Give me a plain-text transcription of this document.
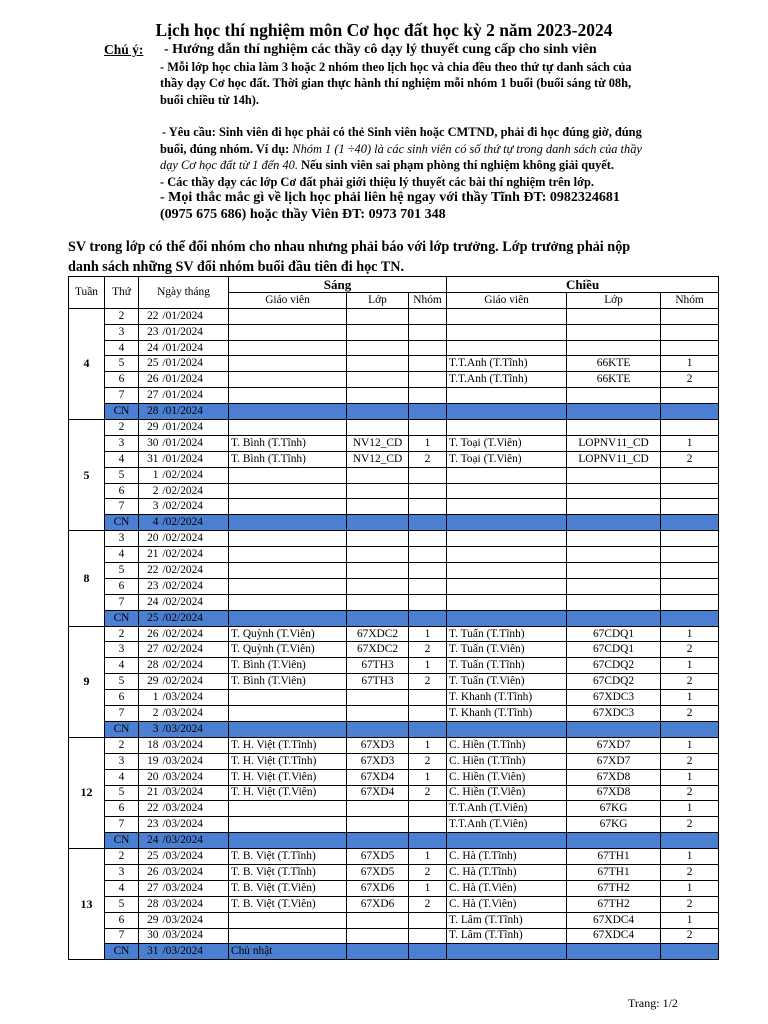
Lịch học thí nghiệm môn Cơ học đất học kỳ 2 năm 2023-2024
- Hướng dẫn thí nghiệm các thầy cô dạy lý thuyết cung cấp cho sinh viên
- Mỗi lớp học chia làm 3 hoặc 2 nhóm theo lịch học và chia đều theo thứ tự danh sách của
thầy dạy Cơ học đất. Thời gian thực hành thí nghiệm mỗi nhóm 1 buổi (buổi sáng từ 08h,
buổi chiều từ 14h).
- Yêu cầu: Sinh viên đi học phải có thẻ Sinh viên hoặc CMTND, phải đi học đúng giờ, đúng
buổi, đúng nhóm. Ví dụ: Nhóm 1 (1 ÷40) là các sinh viên có số thứ tự trong danh sách của thầy
dạy Cơ học đất từ 1 đến 40. Nếu sinh viên sai phạm phòng thí nghiệm không giải quyết.
- Các thầy dạy các lớp Cơ đất phải giới thiệu lý thuyết các bài thí nghiệm trên lớp.
- Mọi thắc mắc gì về lịch học phải liên hệ ngay với thầy Tĩnh ĐT: 0982324681
(0975 675 686) hoặc thầy Viên ĐT: 0973 701 348
Chú ý:
SV trong lớp có thể đổi nhóm cho nhau nhưng phải báo với lớp trưởng. Lớp trưởng phải nộp
danh sách những SV đổi nhóm buổi đầu tiên đi học TN.
Tuần	Thứ	Ngày tháng		Sáng			Chiều		
				Giáo viên	Lớp	Nhóm	Giáo viên	Lớp	Nhóm
4	2	22	/01/2024						
	3	23	/01/2024						
	4	24	/01/2024						
	5	25	/01/2024				T.T.Anh (T.Tĩnh)	66KTE	1
	6	26	/01/2024				T.T.Anh (T.Tĩnh)	66KTE	2
	7	27	/01/2024						
	CN	28	/01/2024						
5	2	29	/01/2024						
	3	30	/01/2024	T. Bình (T.Tĩnh)	NV12_CD	1	T. Toại (T.Viên)	LOPNV11_CD	1
	4	31	/01/2024	T. Bình (T.Tĩnh)	NV12_CD	2	T. Toại (T.Viên)	LOPNV11_CD	2
	5	1	/02/2024						
	6	2	/02/2024						
	7	3	/02/2024						
	CN	4	/02/2024						
8	3	20	/02/2024						
	4	21	/02/2024						
	5	22	/02/2024						
	6	23	/02/2024						
	7	24	/02/2024						
	CN	25	/02/2024						
9	2	26	/02/2024	T. Quỳnh (T.Viên)	67XDC2	1	T. Tuấn (T.Tĩnh)	67CDQ1	1
	3	27	/02/2024	T. Quỳnh (T.Viên)	67XDC2	2	T. Tuấn (T.Viên)	67CDQ1	2
	4	28	/02/2024	T. Bình (T.Viên)	67TH3	1	T. Tuấn (T.Tĩnh)	67CDQ2	1
	5	29	/02/2024	T. Bình (T.Viên)	67TH3	2	T. Tuấn (T.Viên)	67CDQ2	2
	6	1	/03/2024				T. Khanh (T.Tĩnh)	67XDC3	1
	7	2	/03/2024				T. Khanh (T.Tĩnh)	67XDC3	2
	CN	3	/03/2024						
12	2	18	/03/2024	T. H. Việt (T.Tĩnh)	67XD3	1	C. Hiền (T.Tĩnh)	67XD7	1
	3	19	/03/2024	T. H. Việt (T.Tĩnh)	67XD3	2	C. Hiền (T.Tĩnh)	67XD7	2
	4	20	/03/2024	T. H. Việt (T.Viên)	67XD4	1	C. Hiền (T.Viên)	67XD8	1
	5	21	/03/2024	T. H. Việt (T.Viên)	67XD4	2	C. Hiền (T.Viên)	67XD8	2
	6	22	/03/2024				T.T.Anh (T.Viên)	67KG	1
	7	23	/03/2024				T.T.Anh (T.Viên)	67KG	2
	CN	24	/03/2024						
13	2	25	/03/2024	T. B. Việt (T.Tĩnh)	67XD5	1	C. Hà (T.Tĩnh)	67TH1	1
	3	26	/03/2024	T. B. Việt (T.Tĩnh)	67XD5	2	C. Hà (T.Tĩnh)	67TH1	2
	4	27	/03/2024	T. B. Việt (T.Viên)	67XD6	1	C. Hà (T.Viên)	67TH2	1
	5	28	/03/2024	T. B. Việt (T.Viên)	67XD6	2	C. Hà (T.Viên)	67TH2	2
	6	29	/03/2024				T. Lâm (T.Tĩnh)	67XDC4	1
	7	30	/03/2024				T. Lâm (T.Tĩnh)	67XDC4	2
	CN	31	/03/2024	Chủ nhật					
Trang: 1/2
